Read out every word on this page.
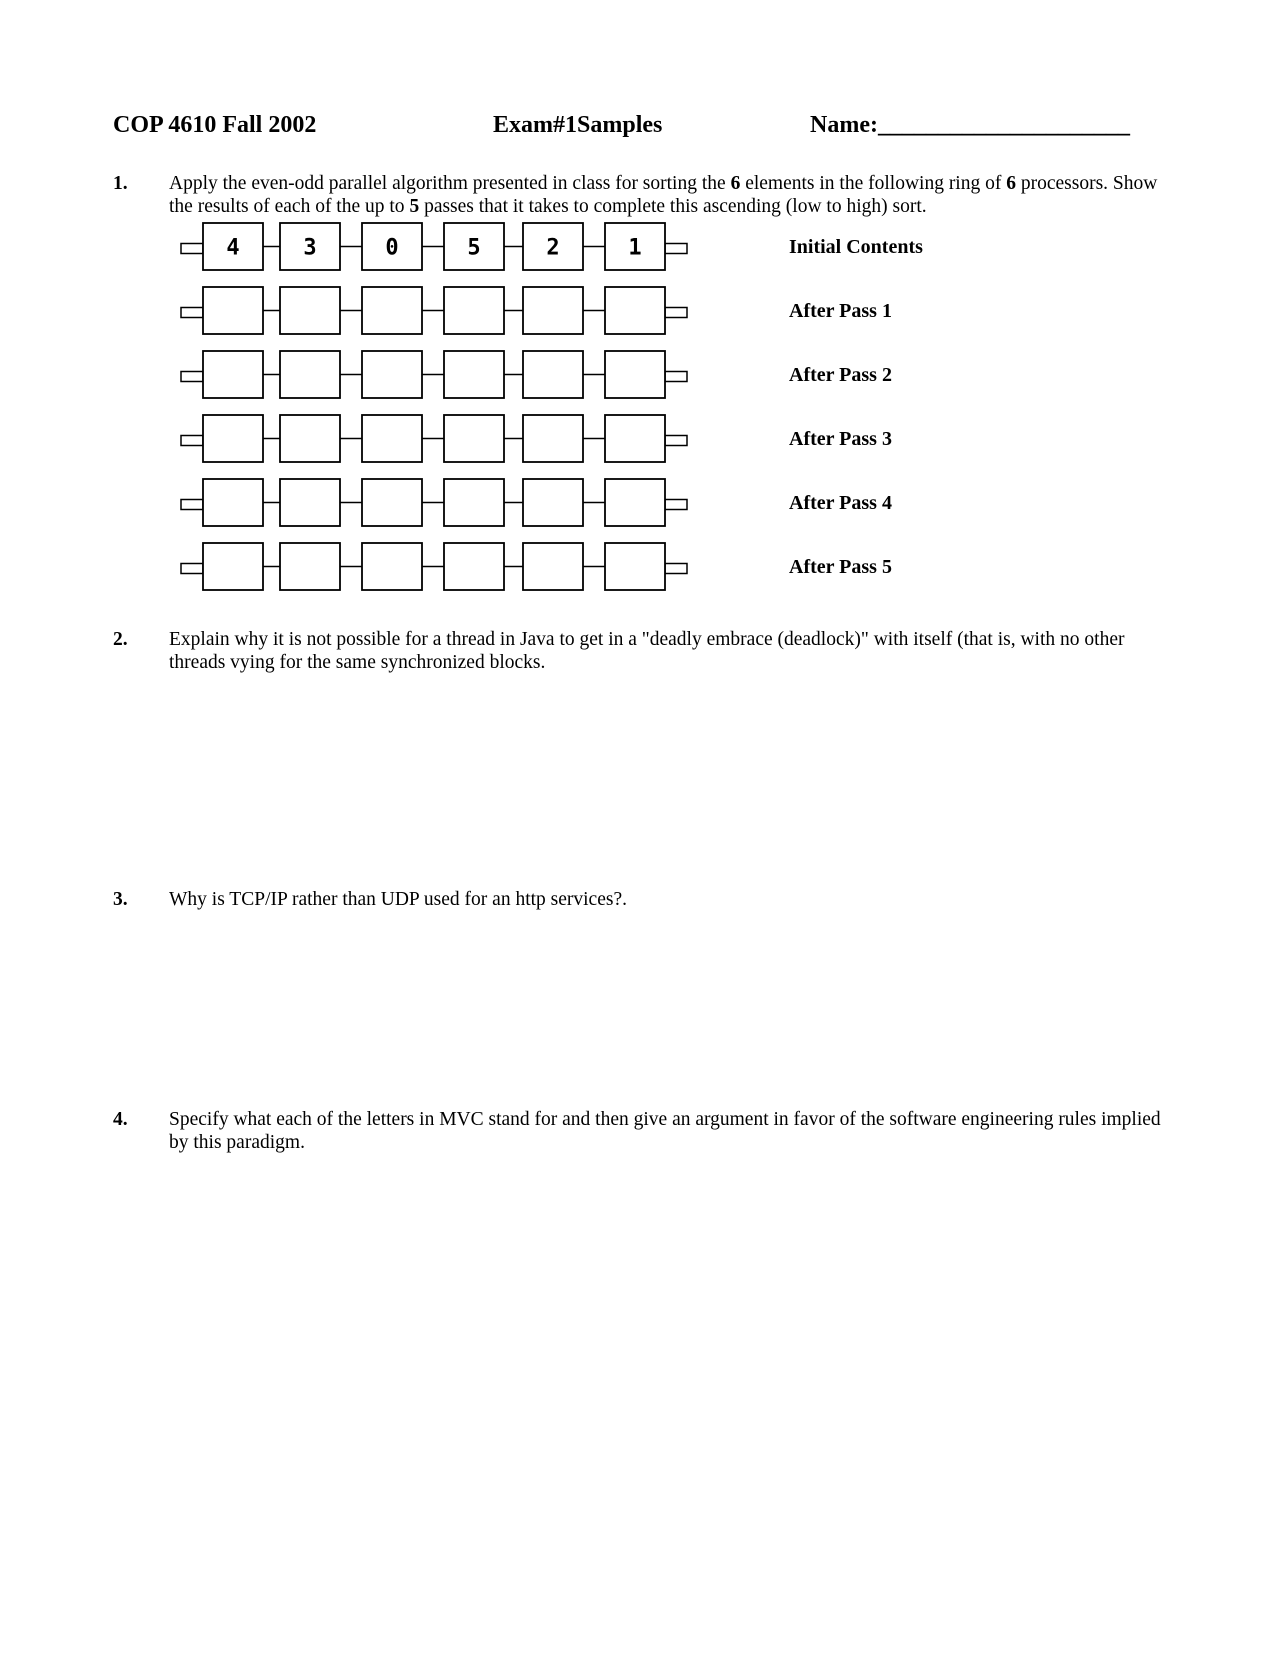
COP 4610 Fall 2002	Exam#1Samples	Name:_____________________
1. Apply the even-odd parallel algorithm presented in class for sorting the 6 elements in the following ring of 6 processors. Show the results of each of the up to 5 passes that it takes to complete this ascending (low to high) sort.
4	3	0	5	2	1	Initial Contents
After Pass 1
After Pass 2
After Pass 3
After Pass 4
After Pass 5
2. Explain why it is not possible for a thread in Java to get in a "deadly embrace (deadlock)" with itself (that is, with no other threads vying for the same synchronized blocks.
3. Why is TCP/IP rather than UDP used for an http services?.
4. Specify what each of the letters in MVC stand for and then give an argument in favor of the software engineering rules implied by this paradigm.
